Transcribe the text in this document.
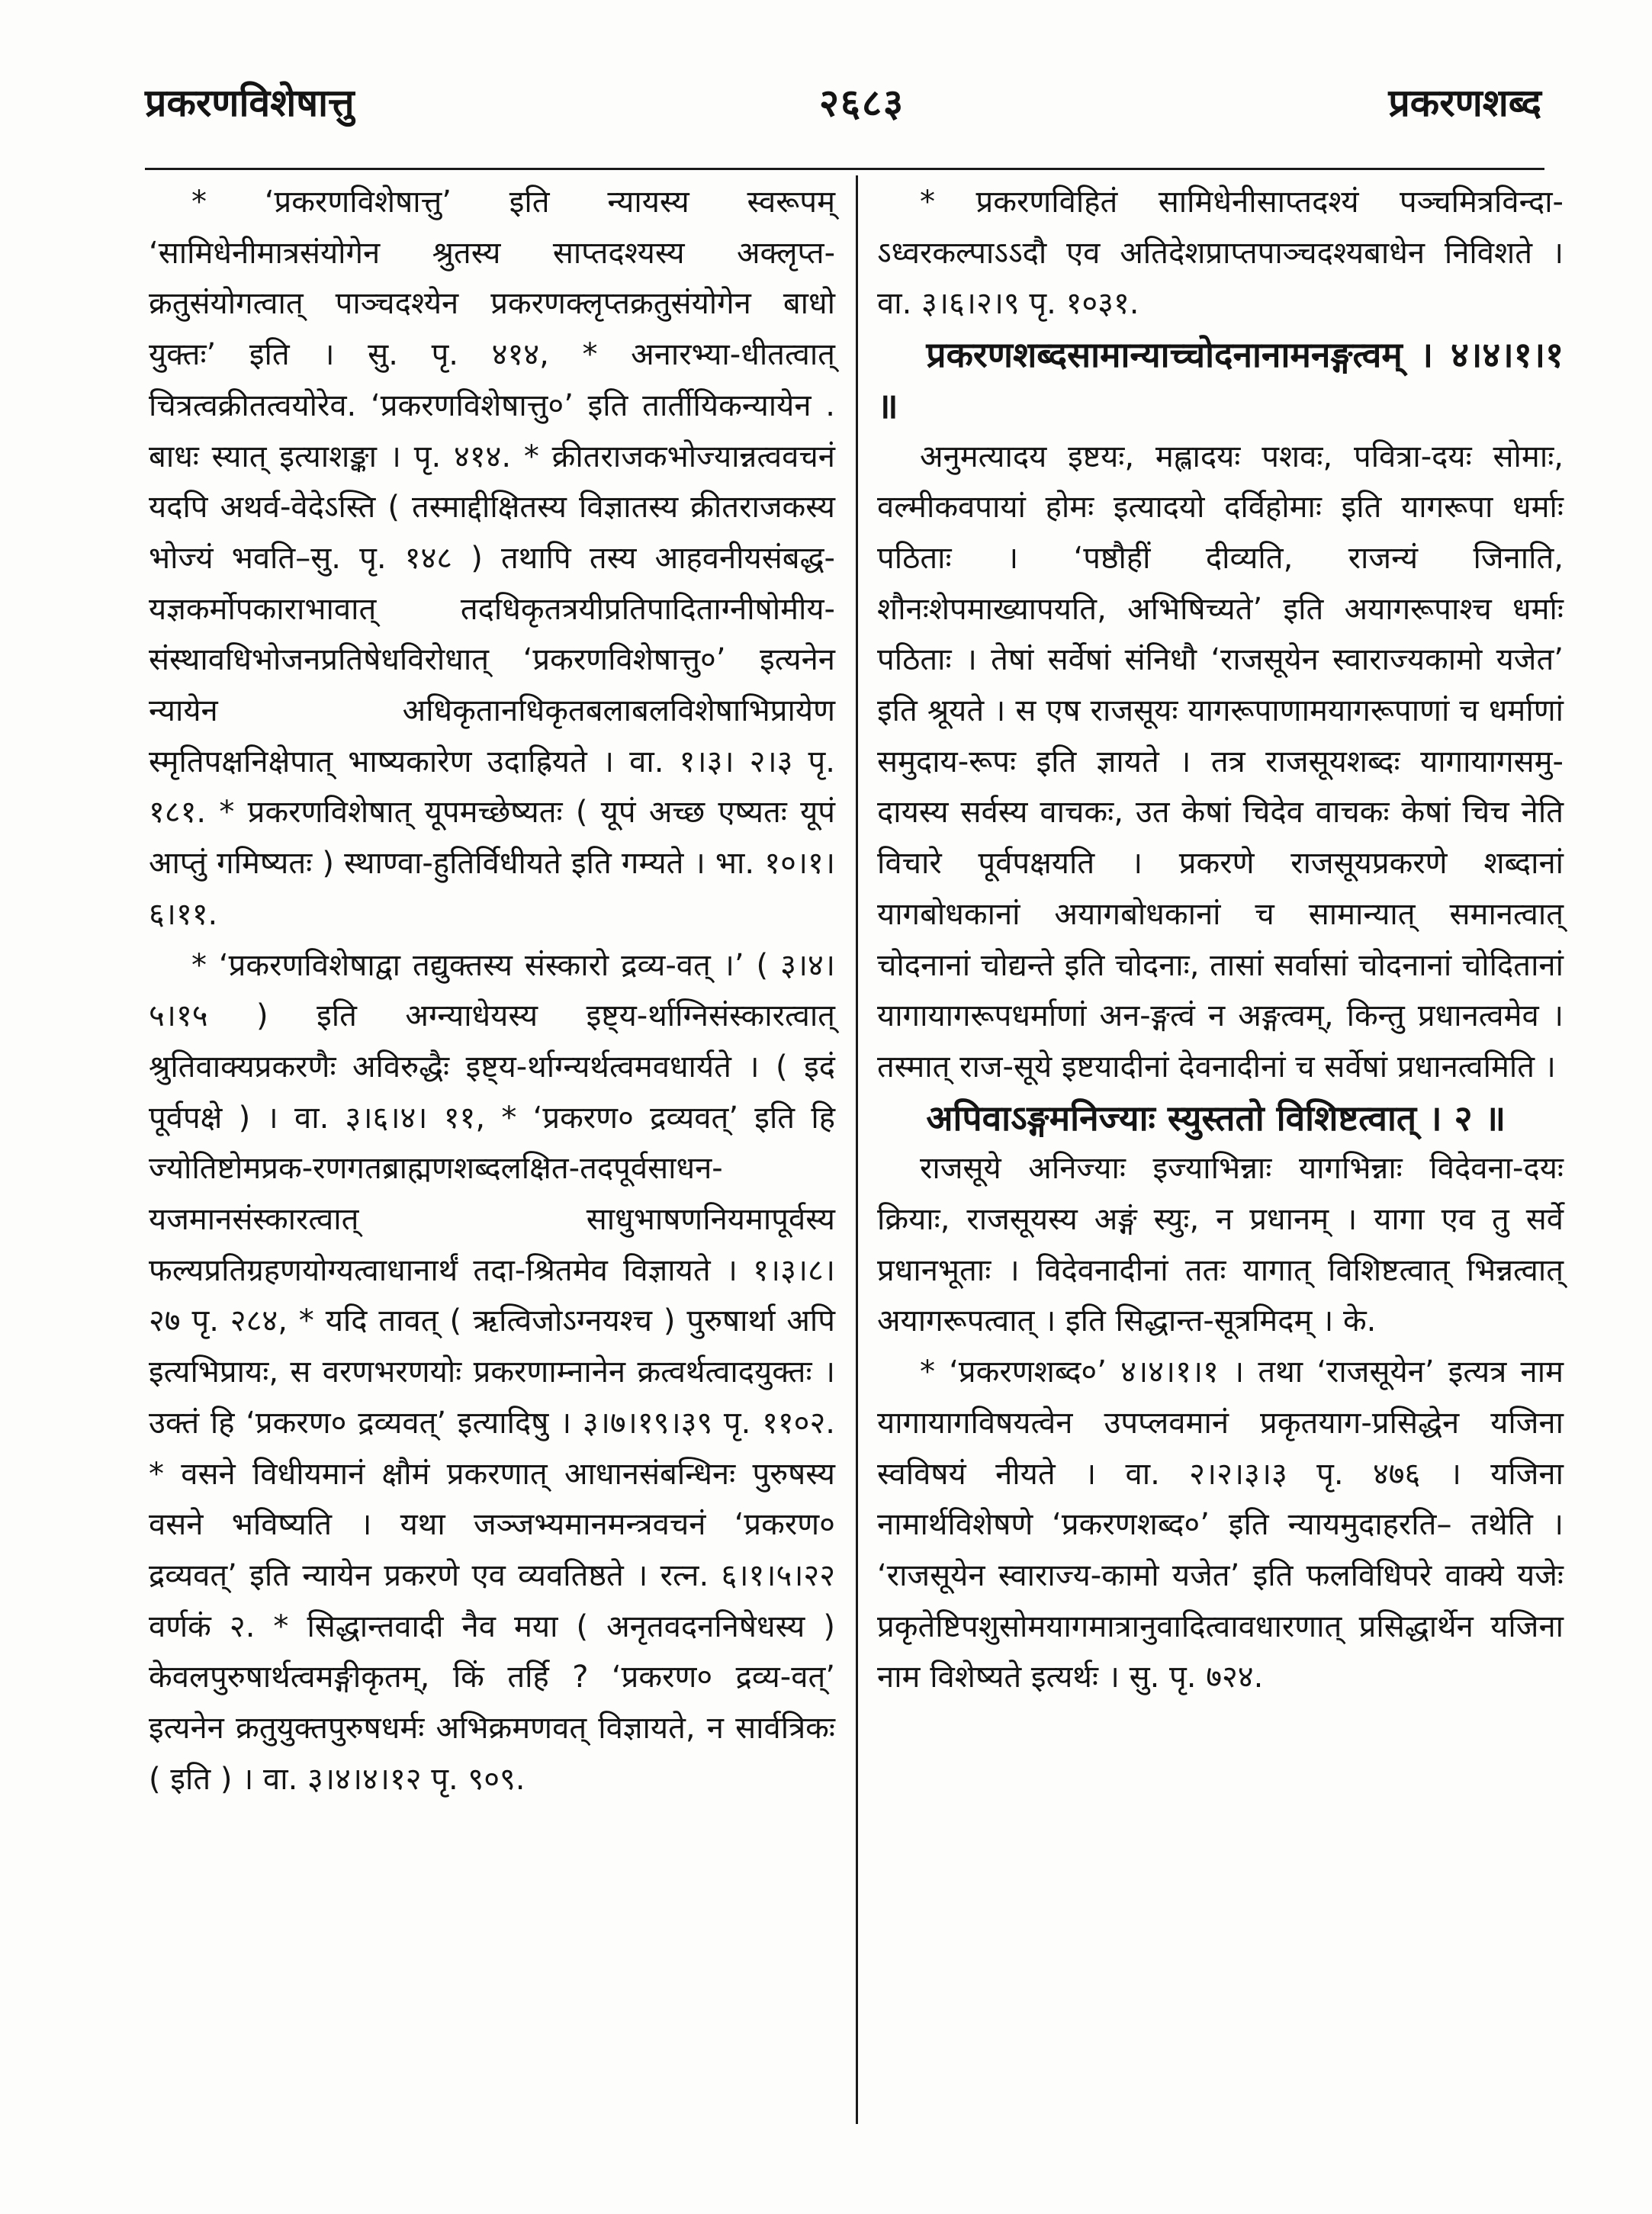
प्रकरणविशेषात्तु	२६८३	प्रकरणशब्द

* ‘प्रकरणविशेषात्तु’ इति न्यायस्य स्वरूपम् ‘सामिधेनीमात्रसंयोगेन श्रुतस्य साप्तदश्यस्य अक्लृप्त-क्रतुसंयोगत्वात् पाञ्चदश्येन प्रकरणक्लृप्तक्रतुसंयोगेन बाधो युक्तः’ इति । सु. पृ. ४१४, * अनारभ्या-धीतत्वात् चित्रत्वक्रीतत्वयोरेव. ‘प्रकरणविशेषात्तु०’ इति तार्तीयिकन्यायेन . बाधः स्यात् इत्याशङ्का । पृ. ४१४. * क्रीतराजकभोज्यान्नत्ववचनं यदपि अथर्व-वेदेऽस्ति ( तस्माद्दीक्षितस्य विज्ञातस्य क्रीतराजकस्य भोज्यं भवति–सु. पृ. १४८ ) तथापि तस्य आहवनीयसंबद्ध-यज्ञकर्मोपकाराभावात् तदधिकृतत्रयीप्रतिपादिताग्नीषोमीय-संस्थावधिभोजनप्रतिषेधविरोधात् ‘प्रकरणविशेषात्तु०’ इत्यनेन न्यायेन अधिकृतानधिकृतबलाबलविशेषाभिप्रायेण स्मृतिपक्षनिक्षेपात् भाष्यकारेण उदाह्रियते । वा. १।३। २।३ पृ. १८१. * प्रकरणविशेषात् यूपमच्छेष्यतः ( यूपं अच्छ एष्यतः यूपं आप्तुं गमिष्यतः ) स्थाण्वा-हुतिर्विधीयते इति गम्यते । भा. १०।१।६।११.

* ‘प्रकरणविशेषाद्वा तद्युक्तस्य संस्कारो द्रव्य-वत् ।’ ( ३।४।५।१५ ) इति अग्न्याधेयस्य इष्ट्य-र्थाग्निसंस्कारत्वात् श्रुतिवाक्यप्रकरणैः अविरुद्धैः इष्ट्य-र्थाग्न्यर्थत्वमवधार्यते । ( इदं पूर्वपक्षे ) । वा. ३।६।४। ११, * ‘प्रकरण० द्रव्यवत्’ इति हि ज्योतिष्टोमप्रक-रणगतब्राह्मणशब्दलक्षित-तदपूर्वसाधन-यजमानसंस्कारत्वात् साधुभाषणनियमापूर्वस्य फल्यप्रतिग्रहणयोग्यत्वाधानार्थं तदा-श्रितमेव विज्ञायते । १।३।८।२७ पृ. २८४, * यदि तावत् ( ऋत्विजोऽग्नयश्च ) पुरुषार्था अपि इत्यभिप्रायः, स वरणभरणयोः प्रकरणाम्नानेन क्रत्वर्थत्वादयुक्तः । उक्तं हि ‘प्रकरण० द्रव्यवत्’ इत्यादिषु । ३।७।१९।३९ पृ. ११०२. * वसने विधीयमानं क्षौमं प्रकरणात् आधानसंबन्धिनः पुरुषस्य वसने भविष्यति । यथा जञ्जभ्यमानमन्त्रवचनं ‘प्रकरण० द्रव्यवत्’ इति न्यायेन प्रकरणे एव व्यवतिष्ठते । रत्न. ६।१।५।२२ वर्णकं २. * सिद्धान्तवादी नैव मया ( अनृतवदननिषेधस्य ) केवलपुरुषार्थत्वमङ्गीकृतम्, किं तर्हि ? ‘प्रकरण० द्रव्य-वत्’ इत्यनेन क्रतुयुक्तपुरुषधर्मः अभिक्रमणवत् विज्ञायते, न सार्वत्रिकः ( इति ) । वा. ३।४।४।१२ पृ. ९०९.

* प्रकरणविहितं सामिधेनीसाप्तदश्यं पञ्चमित्रविन्दा-ऽध्वरकल्पाऽऽदौ एव अतिदेशप्राप्तपाञ्चदश्यबाधेन निविशते । वा. ३।६।२।९ पृ. १०३१.

प्रकरणशब्दसामान्याच्चोदनानामनङ्गत्वम् । ४।४।१।१ ॥

अनुमत्यादय इष्टयः, मह्लादयः पशवः, पवित्रा-दयः सोमाः, वल्मीकवपायां होमः इत्यादयो दर्विहोमाः इति यागरूपा धर्माः पठिताः । ‘पष्ठौहीं दीव्यति, राजन्यं जिनाति, शौनःशेपमाख्यापयति, अभिषिच्यते’ इति अयागरूपाश्च धर्माः पठिताः । तेषां सर्वेषां संनिधौ ‘राजसूयेन स्वाराज्यकामो यजेत’ इति श्रूयते । स एष राजसूयः यागरूपाणामयागरूपाणां च धर्माणां समुदाय-रूपः इति ज्ञायते । तत्र राजसूयशब्दः यागायागसमु-दायस्य सर्वस्य वाचकः, उत केषां चिदेव वाचकः केषां चिच नेति विचारे पूर्वपक्षयति । प्रकरणे राजसूयप्रकरणे शब्दानां यागबोधकानां अयागबोधकानां च सामान्यात् समानत्वात् चोदनानां चोद्यन्ते इति चोदनाः, तासां सर्वासां चोदनानां चोदितानां यागायागरूपधर्माणां अन-ङ्गत्वं न अङ्गत्वम्, किन्तु प्रधानत्वमेव । तस्मात् राज-सूये इष्टयादीनां देवनादीनां च सर्वेषां प्रधानत्वमिति ।

अपिवाऽङ्गमनिज्याः स्युस्ततो विशिष्टत्वात् । २ ॥

राजसूये अनिज्याः इज्याभिन्नाः यागभिन्नाः विदेवना-दयः क्रियाः, राजसूयस्य अङ्गं स्युः, न प्रधानम् । यागा एव तु सर्वे प्रधानभूताः । विदेवनादीनां ततः यागात् विशिष्टत्वात् भिन्नत्वात् अयागरूपत्वात् । इति सिद्धान्त-सूत्रमिदम् । के.

* ‘प्रकरणशब्द०’ ४।४।१।१ । तथा ‘राजसूयेन’ इत्यत्र नाम यागायागविषयत्वेन उपप्लवमानं प्रकृतयाग-प्रसिद्धेन यजिना स्वविषयं नीयते । वा. २।२।३।३ पृ. ४७६ । यजिना नामार्थविशेषणे ‘प्रकरणशब्द०’ इति न्यायमुदाहरति– तथेति । ‘राजसूयेन स्वाराज्य-कामो यजेत’ इति फलविधिपरे वाक्ये यजेः प्रकृतेष्टिपशुसोमयागमात्रानुवादित्वावधारणात् प्रसिद्धार्थेन यजिना नाम विशेष्यते इत्यर्थः । सु. पृ. ७२४.
